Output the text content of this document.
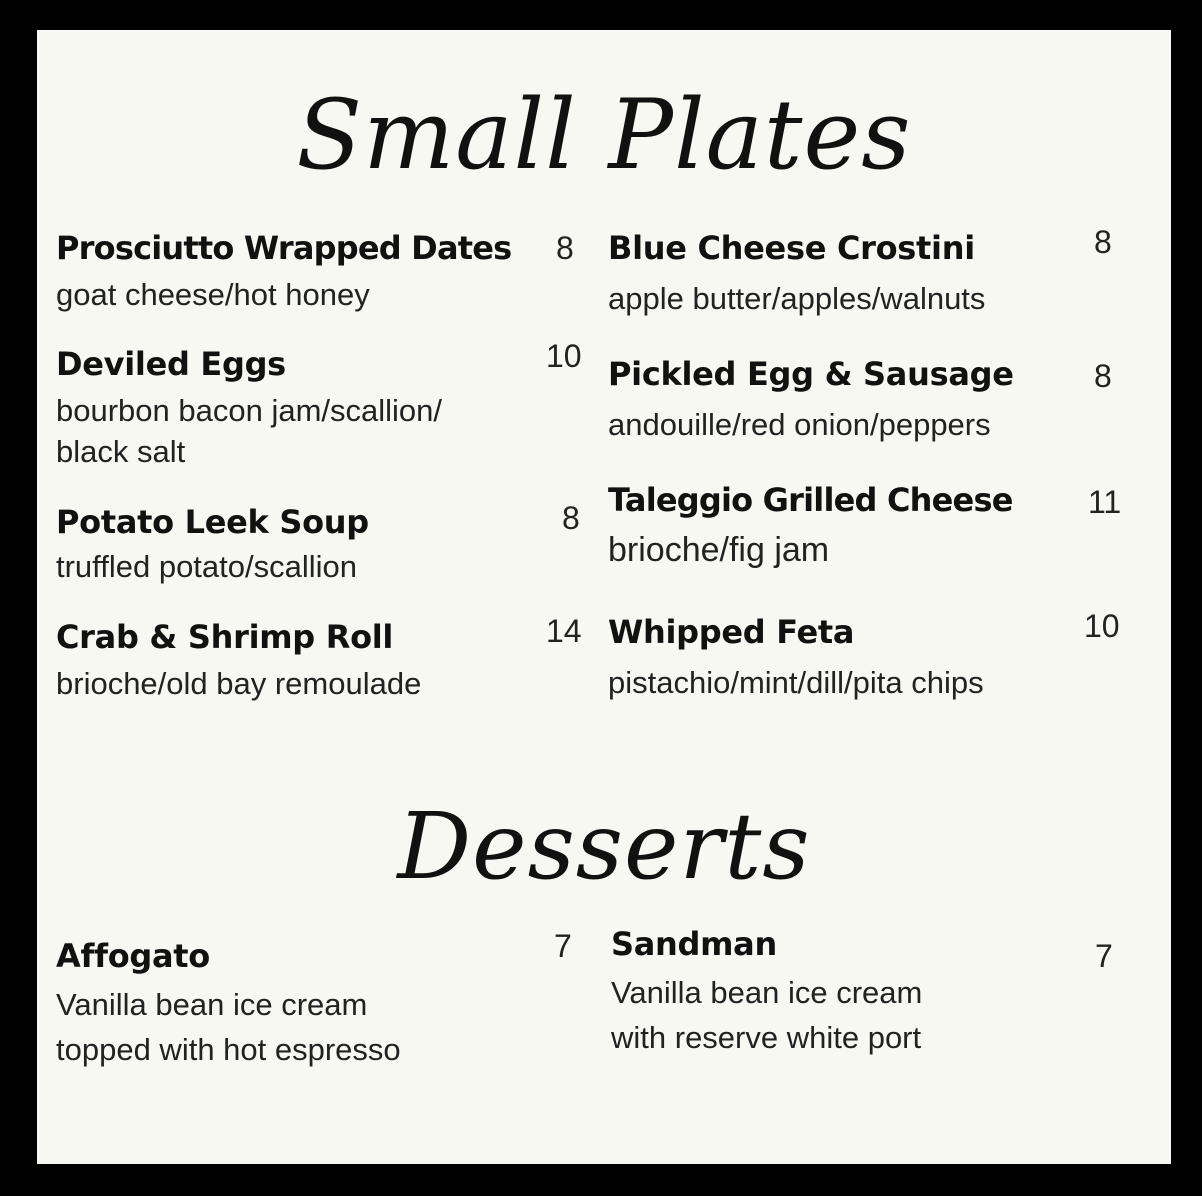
Small Plates
Prosciutto Wrapped Dates 8
goat cheese/hot honey
Deviled Eggs	10
bourbon bacon jam/scallion/
black salt
Potato Leek Soup	8
truffled potato/scallion
Crab & Shrimp Roll	14
brioche/old bay remoulade
Blue Cheese Crostini	8
apple butter/apples/walnuts
Pickled Egg & Sausage	8
andouille/red onion/peppers
Taleggio Grilled Cheese 11
brioche/fig jam
Whipped Feta	10
pistachio/mint/dill/pita chips
Desserts
Affogato	7
Vanilla bean ice cream
topped with hot espresso
Sandman	7
Vanilla bean ice cream
with reserve white port
